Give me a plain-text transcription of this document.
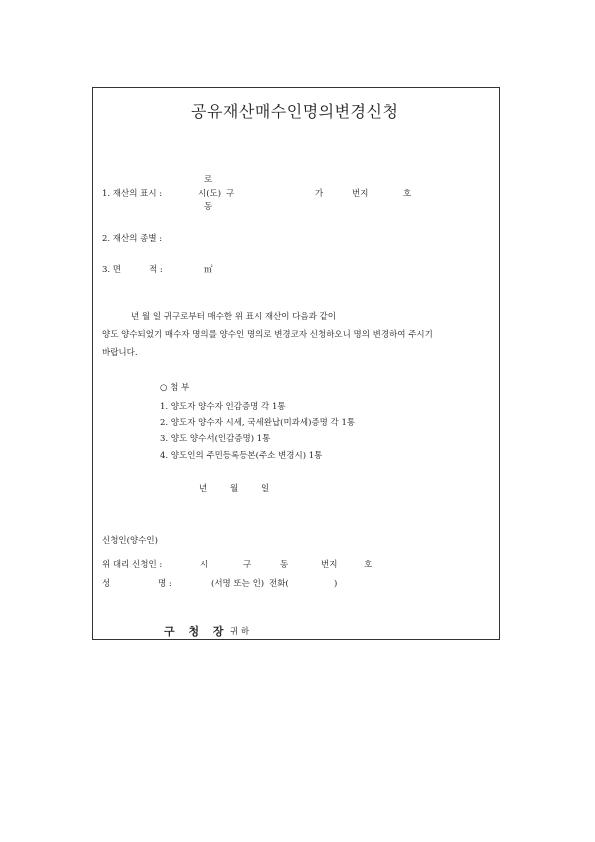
공유재산매수인명의변경신청
로
1. 재산의 표시 :	시(도) 구	가	번지	호
동
2. 재산의 종별 :
3. 면	적 :	㎡
년 월 일 귀구로부터 매수한 위 표시 재산이 다음과 같이
양도 양수되었기 매수자 명의를 양수인 명의로 변경코자 신청하오니 명의 변경하여 주시기
바랍니다.
○ 첨 부
1. 양도자 양수자 인감증명 각 1통
2. 양도자 양수자 시세, 국세완납(미과세)증명 각 1통
3. 양도 양수서(인감증명) 1통
4. 양도인의 주민등록등본(주소 변경시) 1통
년	월	일
신청인(양수인)
위 대리 신청인 :	시	구	동	번지	호
성	명 :	(서명 또는 인) 전화(	)
구 청 장 귀 하
